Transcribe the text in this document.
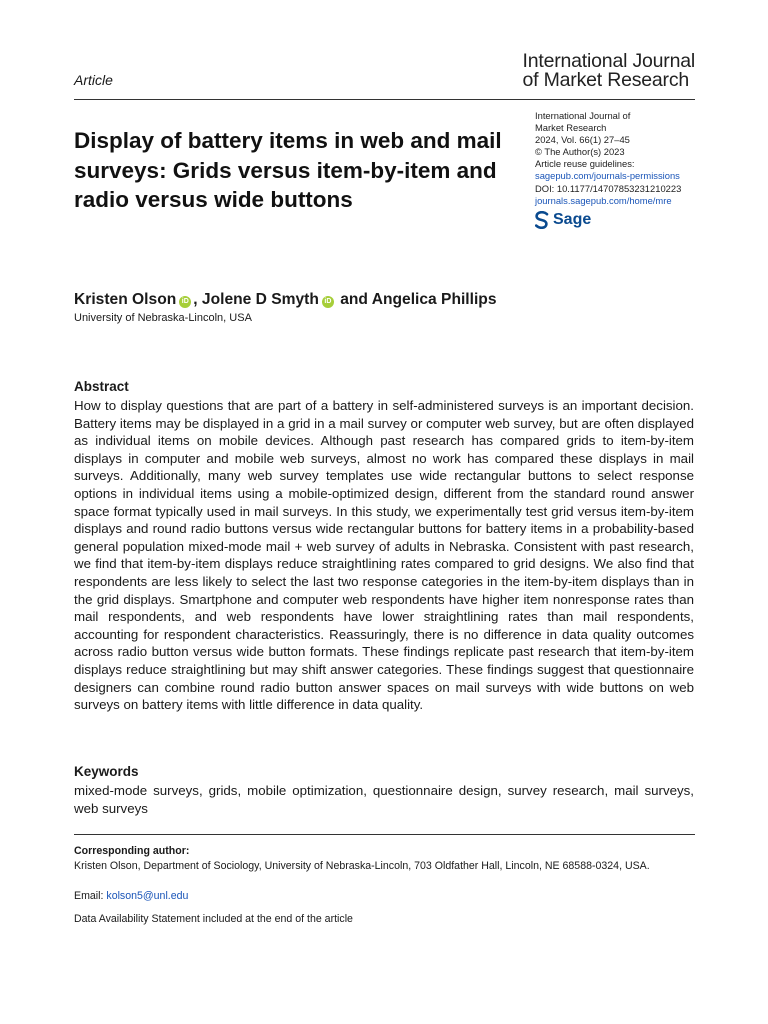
Article
International Journal
of Market Research
Display of battery items in web and mail surveys: Grids versus item-by-item and radio versus wide buttons
International Journal of
Market Research
2024, Vol. 66(1) 27–45
© The Author(s) 2023
Article reuse guidelines:
sagepub.com/journals-permissions
DOI: 10.1177/14707853231210223
journals.sagepub.com/home/mre
Sage
Kristen Olson iD , Jolene D Smyth iD and Angelica Phillips
University of Nebraska-Lincoln, USA
Abstract

How to display questions that are part of a battery in self-administered surveys is an important decision. Battery items may be displayed in a grid in a mail survey or computer web survey, but are often displayed as individual items on mobile devices. Although past research has compared grids to item-by-item displays in computer and mobile web surveys, almost no work has compared these displays in mail surveys. Additionally, many web survey templates use wide rectangular buttons to select response options in individual items using a mobile-optimized design, different from the standard round answer space format typically used in mail surveys. In this study, we experimentally test grid versus item-by-item displays and round radio buttons versus wide rectangular buttons for battery items in a probability-based general population mixed-mode mail + web survey of adults in Nebraska. Consistent with past research, we find that item-by-item displays reduce straightlining rates compared to grid designs. We also find that respondents are less likely to select the last two response categories in the item-by-item displays than in the grid displays. Smartphone and computer web respondents have higher item nonresponse rates than mail respondents, and web respondents have lower straightlining rates than mail respondents, accounting for respondent characteristics. Reassuringly, there is no difference in data quality outcomes across radio button versus wide button formats. These findings replicate past research that item-by-item displays reduce straightlining but may shift answer categories. These findings suggest that questionnaire designers can combine round radio button answer spaces on mail surveys with wide buttons on web surveys on battery items with little difference in data quality.

Keywords

mixed-mode surveys, grids, mobile optimization, questionnaire design, survey research, mail surveys, web surveys

Corresponding author:
Kristen Olson, Department of Sociology, University of Nebraska-Lincoln, 703 Oldfather Hall, Lincoln, NE 68588-0324, USA.
Email: kolson5@unl.edu
Data Availability Statement included at the end of the article
